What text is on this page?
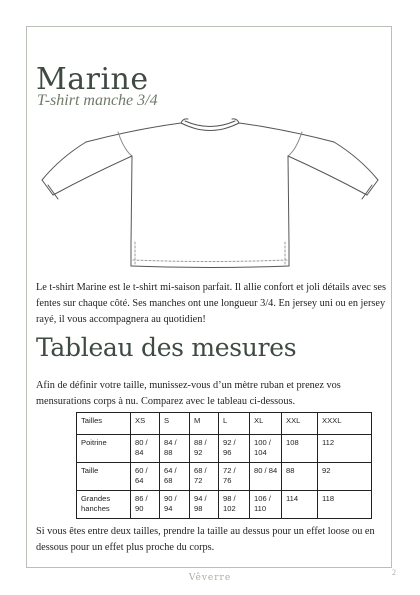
Marine
T-shirt manche 3/4

Le t-shirt Marine est le t-shirt mi-saison parfait. Il allie confort et joli détails avec ses fentes sur chaque côté. Ses manches ont une longueur 3/4. En jersey uni ou en jersey rayé, il vous accompagnera au quotidien!

Tableau des mesures

Afin de définir votre taille, munissez-vous d’un mètre ruban et prenez vos mensurations corps à nu. Comparez avec le tableau ci-dessous.

Tailles	XS	S	M	L	XL	XXL	XXXL
Poitrine	80 / 84	84 / 88	88 / 92	92 / 96	100 / 104	108	112
Taille	60 / 64	64 / 68	68 / 72	72 / 76	80 / 84	88	92
Grandes hanches	86 / 90	90 / 94	94 / 98	98 / 102	106 / 110	114	118

Si vous êtes entre deux tailles, prendre la taille au dessus pour un effet loose ou en dessous pour un effet plus proche du corps.

Vêverre
2
